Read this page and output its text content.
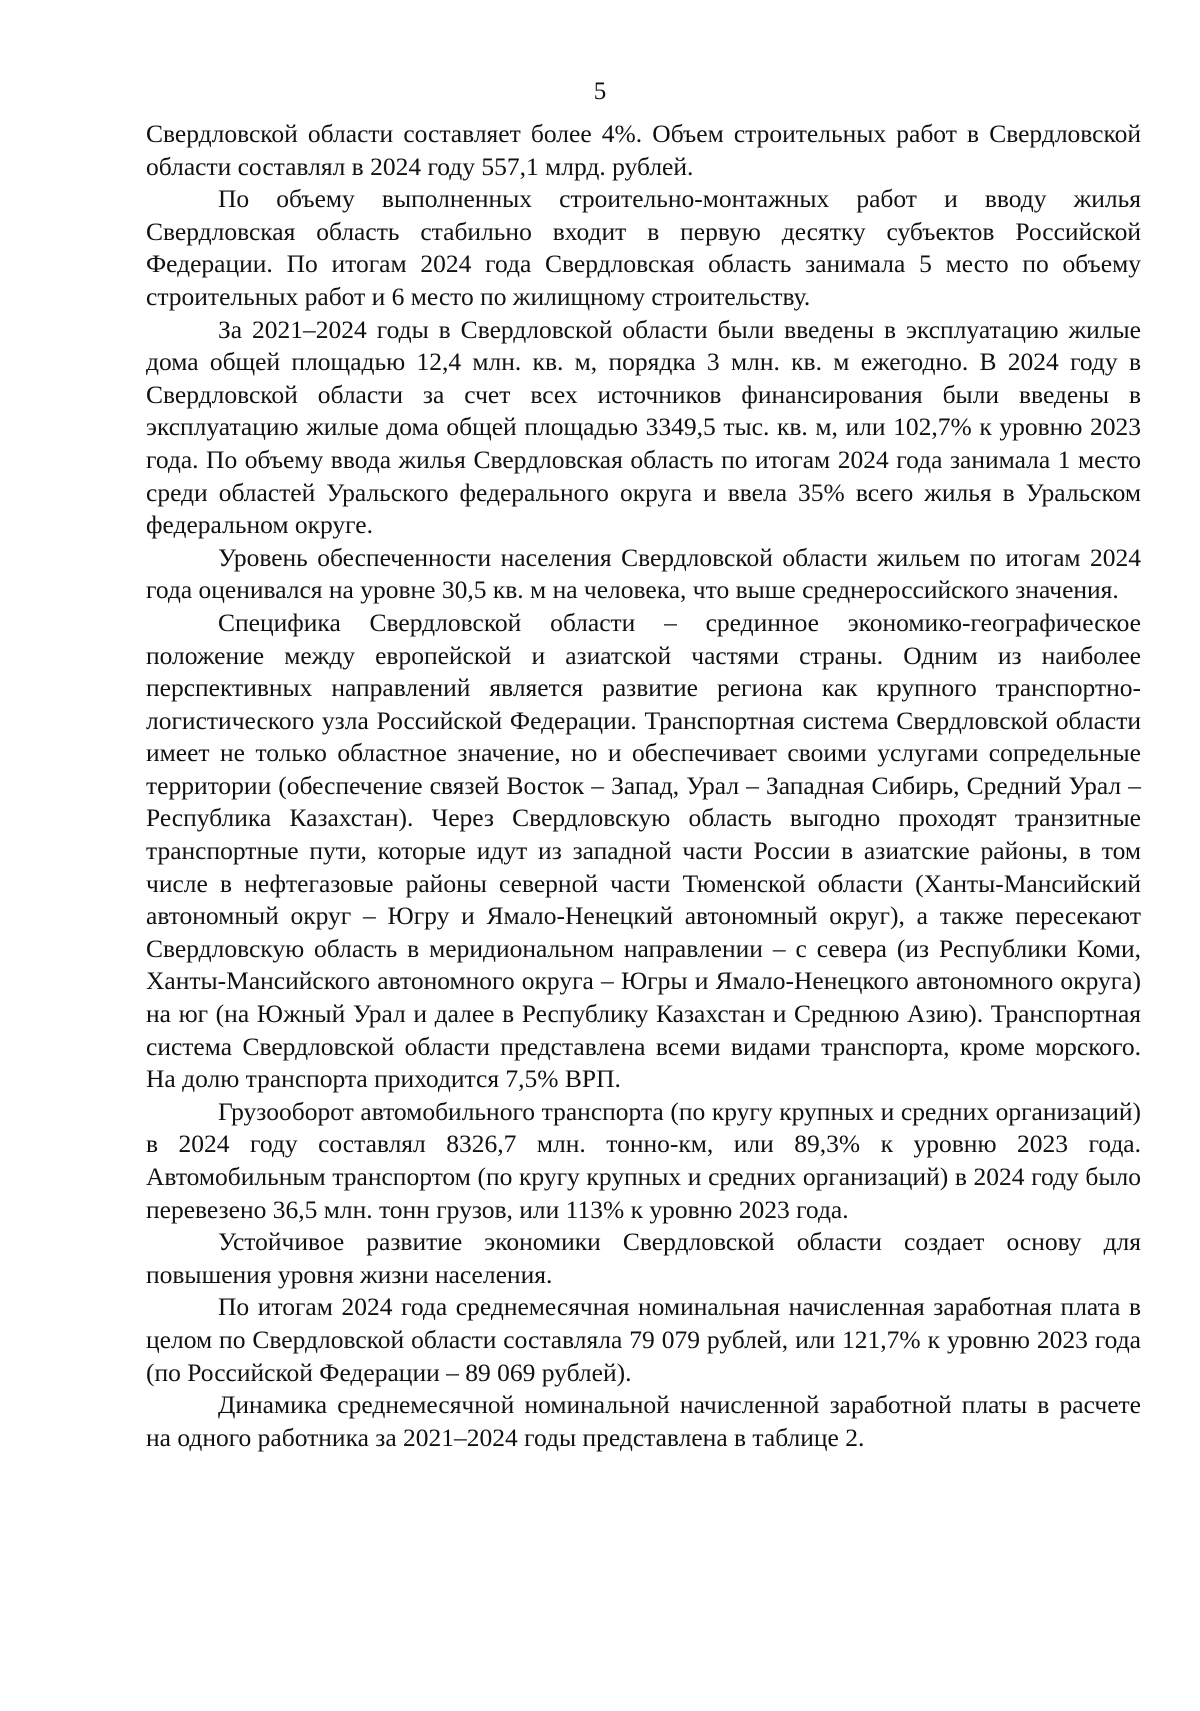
5

Свердловской области составляет более 4%. Объем строительных работ в Свердловской области составлял в 2024 году 557,1 млрд. рублей.

По объему выполненных строительно-монтажных работ и вводу жилья Свердловская область стабильно входит в первую десятку субъектов Российской Федерации. По итогам 2024 года Свердловская область занимала 5 место по объему строительных работ и 6 место по жилищному строительству.

За 2021–2024 годы в Свердловской области были введены в эксплуатацию жилые дома общей площадью 12,4 млн. кв. м, порядка 3 млн. кв. м ежегодно. В 2024 году в Свердловской области за счет всех источников финансирования были введены в эксплуатацию жилые дома общей площадью 3349,5 тыс. кв. м, или 102,7% к уровню 2023 года. По объему ввода жилья Свердловская область по итогам 2024 года занимала 1 место среди областей Уральского федерального округа и ввела 35% всего жилья в Уральском федеральном округе.

Уровень обеспеченности населения Свердловской области жильем по итогам 2024 года оценивался на уровне 30,5 кв. м на человека, что выше среднероссийского значения.

Специфика Свердловской области – срединное экономико-географическое положение между европейской и азиатской частями страны. Одним из наиболее перспективных направлений является развитие региона как крупного транспортно-логистического узла Российской Федерации. Транспортная система Свердловской области имеет не только областное значение, но и обеспечивает своими услугами сопредельные территории (обеспечение связей Восток – Запад, Урал – Западная Сибирь, Средний Урал – Республика Казахстан). Через Свердловскую область выгодно проходят транзитные транспортные пути, которые идут из западной части России в азиатские районы, в том числе в нефтегазовые районы северной части Тюменской области (Ханты-Мансийский автономный округ – Югру и Ямало-Ненецкий автономный округ), а также пересекают Свердловскую область в меридиональном направлении – с севера (из Республики Коми, Ханты-Мансийского автономного округа – Югры и Ямало-Ненецкого автономного округа) на юг (на Южный Урал и далее в Республику Казахстан и Среднюю Азию). Транспортная система Свердловской области представлена всеми видами транспорта, кроме морского. На долю транспорта приходится 7,5% ВРП.

Грузооборот автомобильного транспорта (по кругу крупных и средних организаций) в 2024 году составлял 8326,7 млн. тонно-км, или 89,3% к уровню 2023 года. Автомобильным транспортом (по кругу крупных и средних организаций) в 2024 году было перевезено 36,5 млн. тонн грузов, или 113% к уровню 2023 года.

Устойчивое развитие экономики Свердловской области создает основу для повышения уровня жизни населения.

По итогам 2024 года среднемесячная номинальная начисленная заработная плата в целом по Свердловской области составляла 79 079 рублей, или 121,7% к уровню 2023 года (по Российской Федерации – 89 069 рублей).

Динамика среднемесячной номинальной начисленной заработной платы в расчете на одного работника за 2021–2024 годы представлена в таблице 2.
